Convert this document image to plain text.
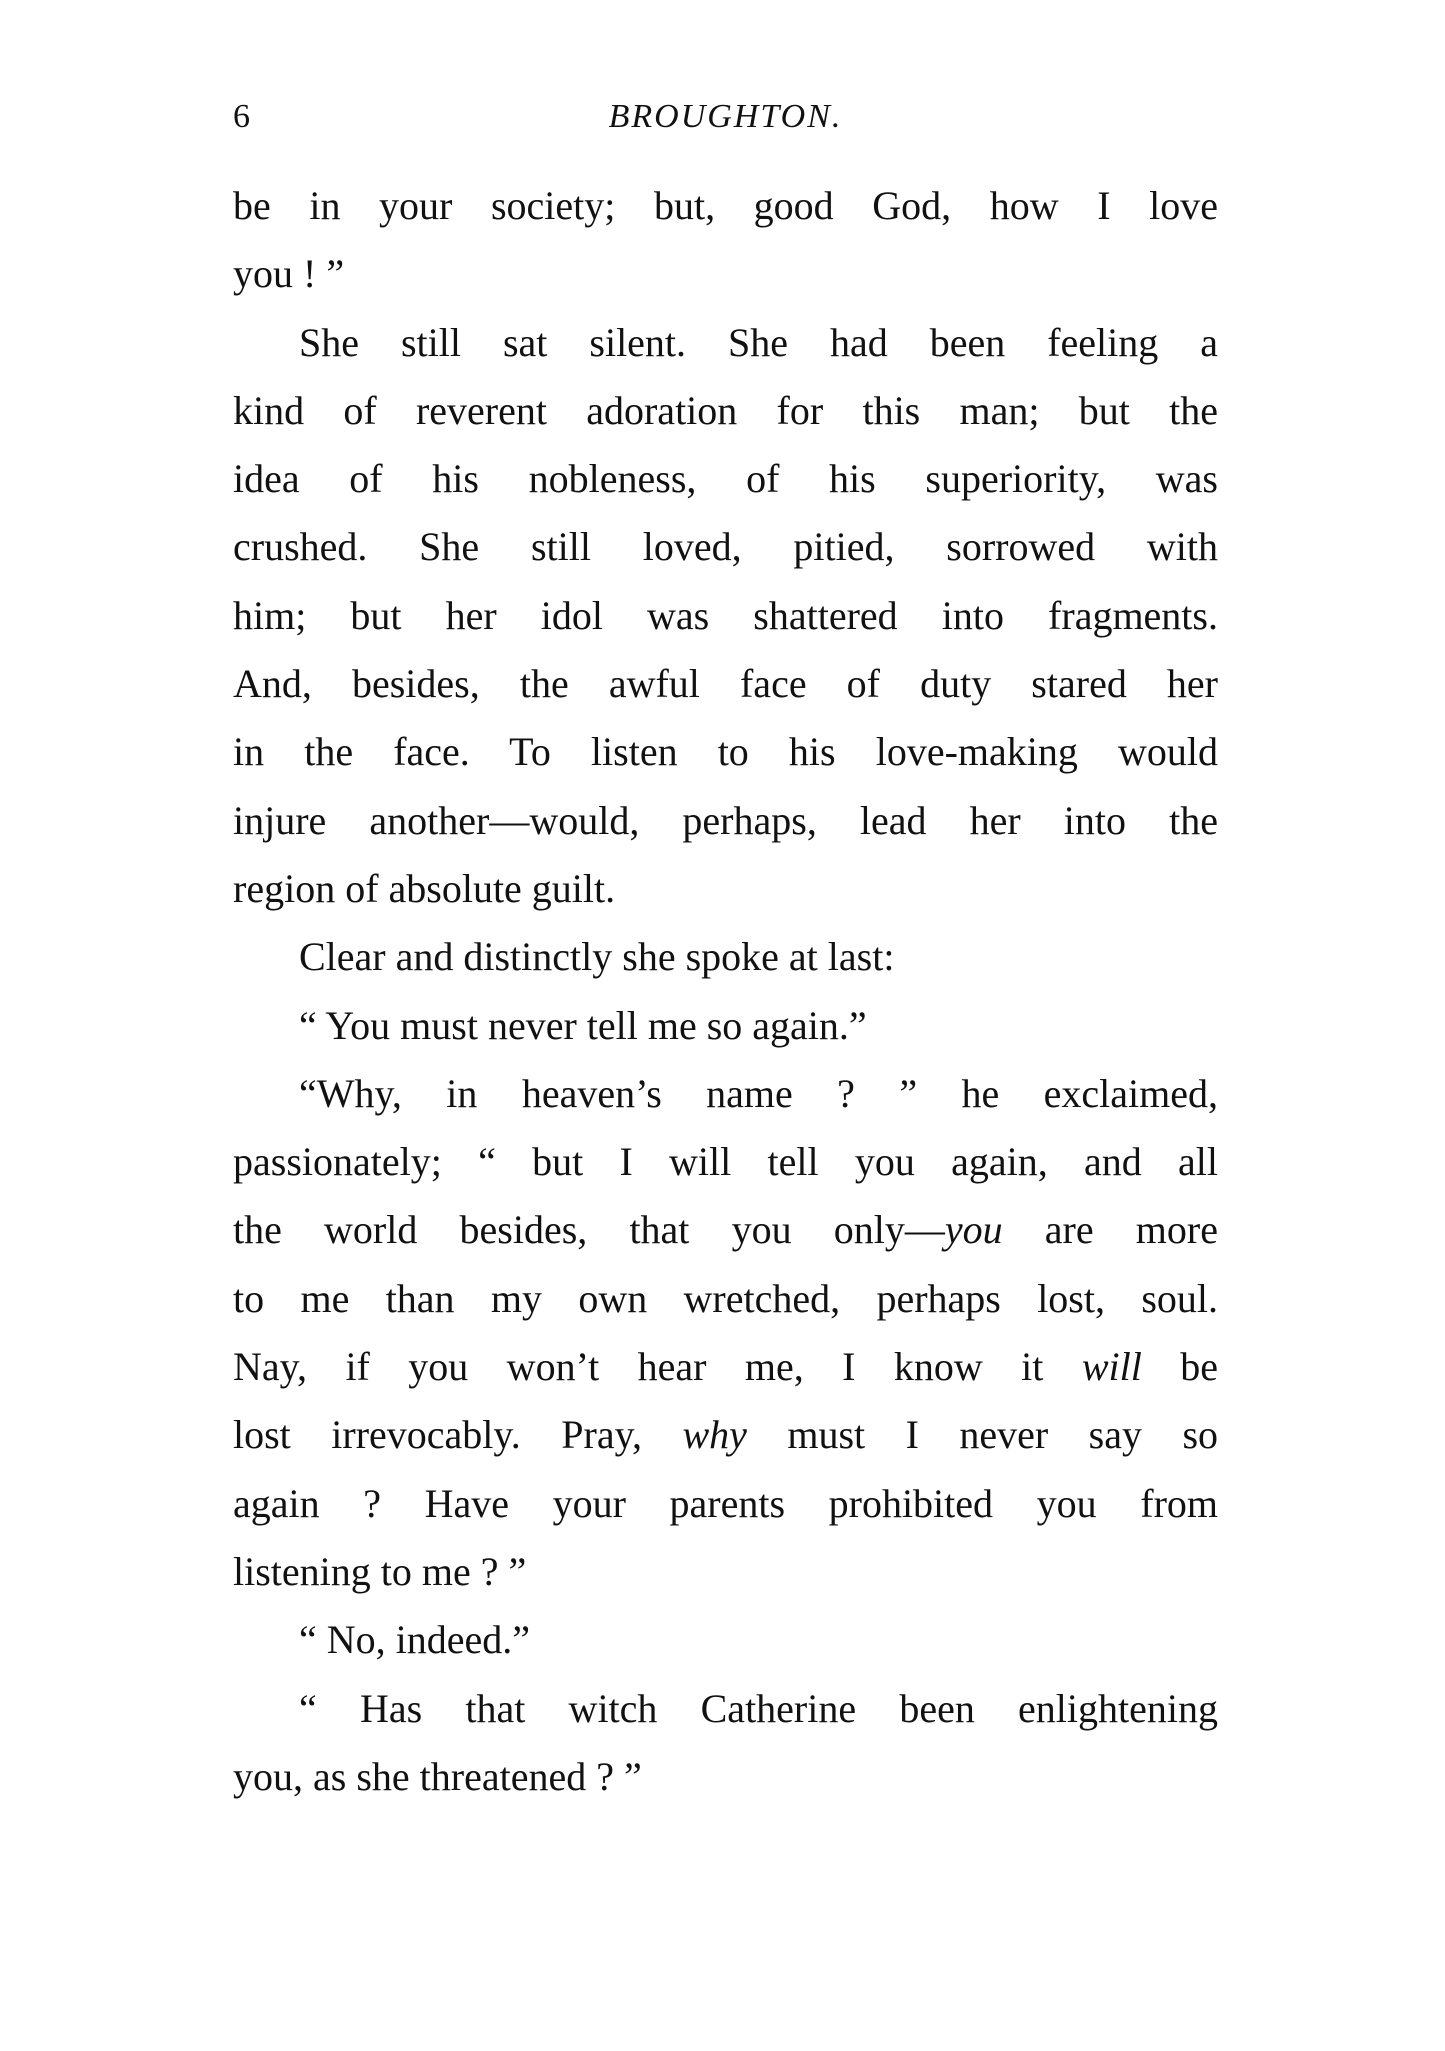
6	BROUGHTON.
be in your society; but, good God, how I love
you ! ”
She still sat silent. She had been feeling a
kind of reverent adoration for this man; but the
idea of his nobleness, of his superiority, was
crushed. She still loved, pitied, sorrowed with
him; but her idol was shattered into fragments.
And, besides, the awful face of duty stared her
in the face. To listen to his love-making would
injure another—would, perhaps, lead her into the
region of absolute guilt.
Clear and distinctly she spoke at last:
“ You must never tell me so again.”
“Why, in heaven’s name ? ” he exclaimed,
passionately; “ but I will tell you again, and all
the world besides, that you only—you are more
to me than my own wretched, perhaps lost, soul.
Nay, if you won’t hear me, I know it will be
lost irrevocably. Pray, why must I never say so
again ? Have your parents prohibited you from
listening to me ? ”
“ No, indeed.”
“ Has that witch Catherine been enlightening
you, as she threatened ? ”
